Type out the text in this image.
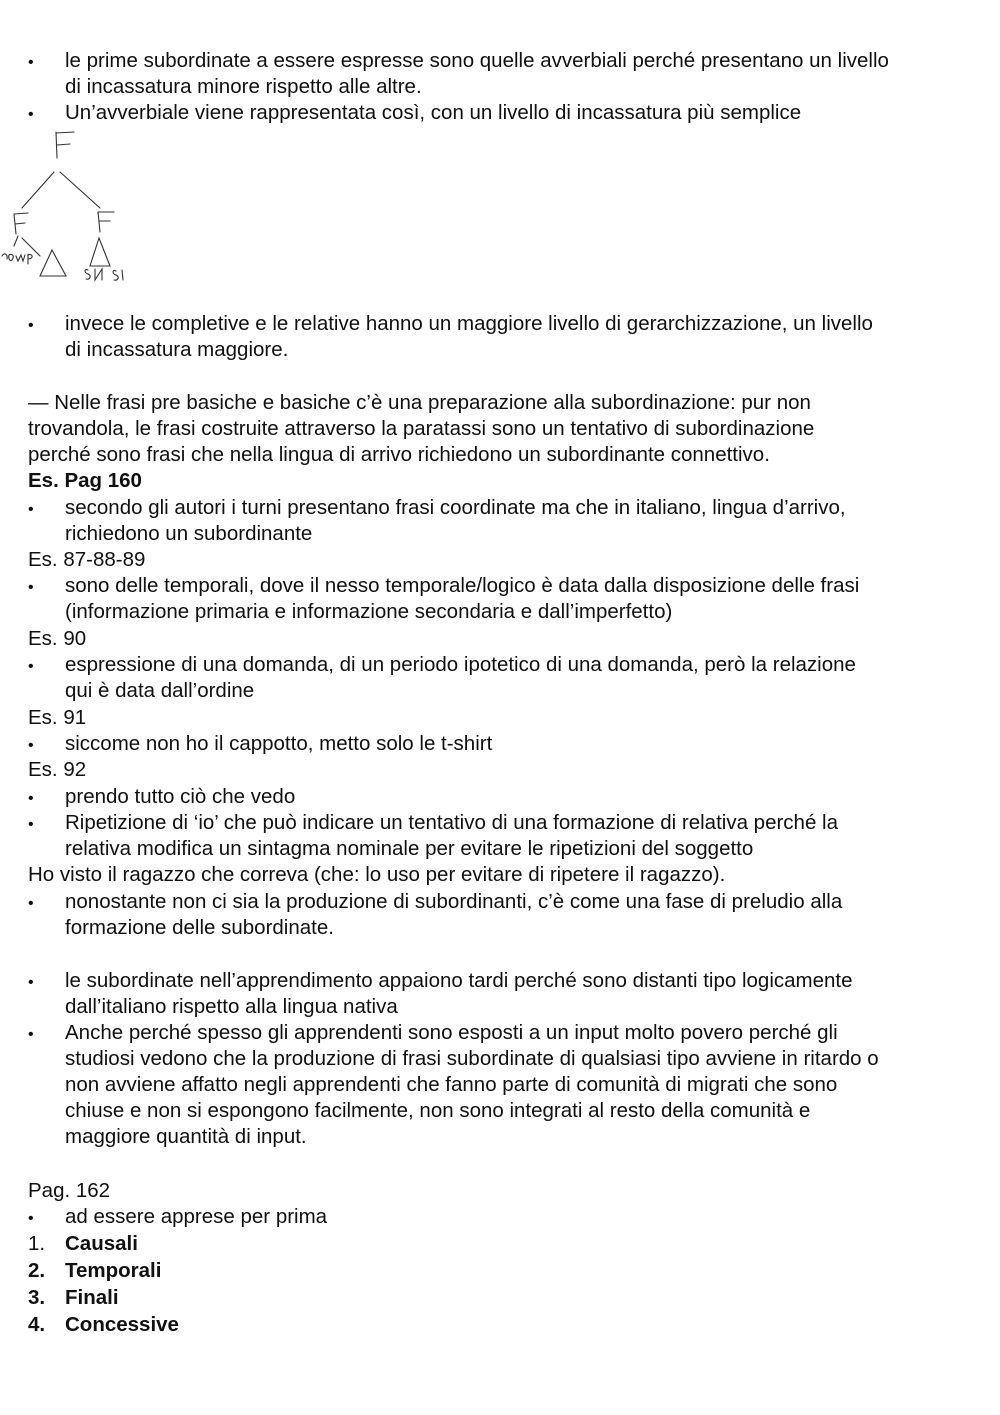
•	le prime subordinate a essere espresse sono quelle avverbiali perché presentano un livello
di incassatura minore rispetto alle altre.
•	Un’avverbiale viene rappresentata così, con un livello di incassatura più semplice
•	invece le completive e le relative hanno un maggiore livello di gerarchizzazione, un livello
di incassatura maggiore.
— Nelle frasi pre basiche e basiche c’è una preparazione alla subordinazione: pur non
trovandola, le frasi costruite attraverso la paratassi sono un tentativo di subordinazione
perché sono frasi che nella lingua di arrivo richiedono un subordinante connettivo.
Es. Pag 160
•	secondo gli autori i turni presentano frasi coordinate ma che in italiano, lingua d’arrivo,
richiedono un subordinante
Es. 87-88-89
•	sono delle temporali, dove il nesso temporale/logico è data dalla disposizione delle frasi
(informazione primaria e informazione secondaria e dall’imperfetto)
Es. 90
•	espressione di una domanda, di un periodo ipotetico di una domanda, però la relazione
qui è data dall’ordine
Es. 91
•	siccome non ho il cappotto, metto solo le t-shirt
Es. 92
•	prendo tutto ciò che vedo
•	Ripetizione di ‘io’ che può indicare un tentativo di una formazione di relativa perché la
relativa modifica un sintagma nominale per evitare le ripetizioni del soggetto
Ho visto il ragazzo che correva (che: lo uso per evitare di ripetere il ragazzo).
•	nonostante non ci sia la produzione di subordinanti, c’è come una fase di preludio alla
formazione delle subordinate.
•	le subordinate nell’apprendimento appaiono tardi perché sono distanti tipo logicamente
dall’italiano rispetto alla lingua nativa
•	Anche perché spesso gli apprendenti sono esposti a un input molto povero perché gli
studiosi vedono che la produzione di frasi subordinate di qualsiasi tipo avviene in ritardo o
non avviene affatto negli apprendenti che fanno parte di comunità di migrati che sono
chiuse e non si espongono facilmente, non sono integrati al resto della comunità e
maggiore quantità di input.
Pag. 162
•	ad essere apprese per prima
1. Causali
2. Temporali
3. Finali
4. Concessive
